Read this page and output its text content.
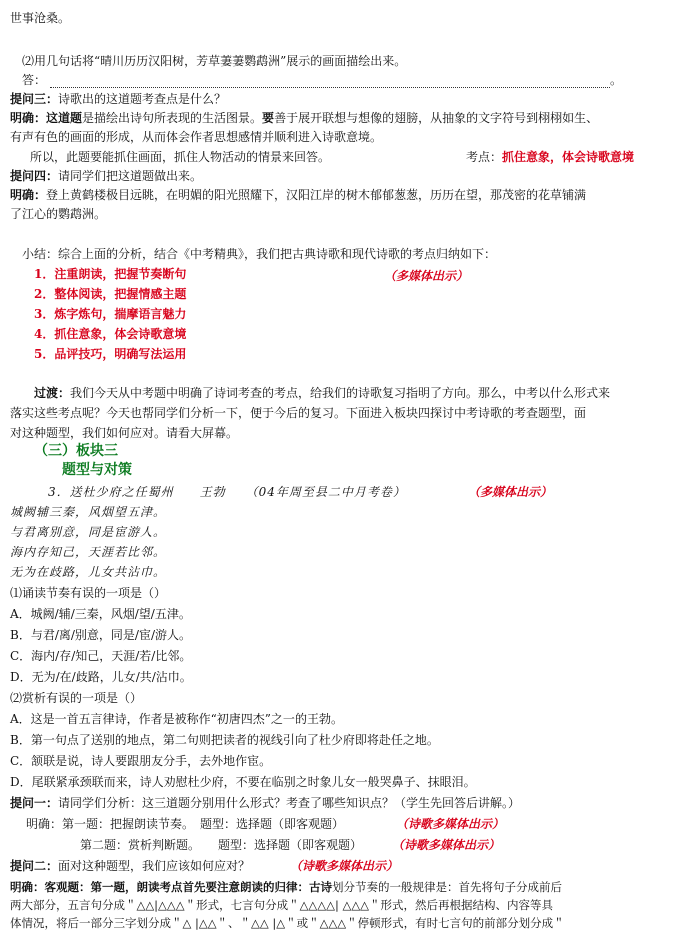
世事沧桑。
⑵用几句话将“晴川历历汉阳树，芳草萋萋鹦鹉洲”展示的画面描绘出来。
答：	。
提问三：诗歌出的这道题考查点是什么？
明确：这道题是描绘出诗句所表现的生活图景。要善于展开联想与想像的翅膀，从抽象的文字符号到栩栩如生、
有声有色的画面的形成，从而体会作者思想感情并顺利进入诗歌意境。
所以，此题要能抓住画面，抓住人物活动的情景来回答。	考点：抓住意象，体会诗歌意境
提问四：请同学们把这道题做出来。
明确：登上黄鹤楼极目远眺，在明媚的阳光照耀下，汉阳江岸的树木郁郁葱葱，历历在望，那茂密的花草铺满
了江心的鹦鹉洲。
小结：综合上面的分析，结合《中考精典》，我们把古典诗歌和现代诗歌的考点归纳如下：
（多媒体出示）
1．注重朗读，把握节奏断句
2．整体阅读，把握情感主题
3．炼字炼句，揣摩语言魅力
4．抓住意象，体会诗歌意境
5．品评技巧，明确写法运用
过渡：我们今天从中考题中明确了诗词考查的考点，给我们的诗歌复习指明了方向。那么，中考以什么形式来
落实这些考点呢？今天也帮同学们分析一下，便于今后的复习。下面进入板块四探讨中考诗歌的考查题型，面
对这种题型，我们如何应对。请看大屏幕。
（三）板块三
题型与对策
3．送杜少府之任蜀州　　王勃　　（04年周至县二中月考卷）	（多媒体出示）
城阙辅三秦，风烟望五津。
与君离别意，同是宦游人。
海内存知己，天涯若比邻。
无为在歧路，儿女共沾巾。
⑴诵读节奏有误的一项是（）
A．城阙/辅/三秦，风烟/望/五津。
B．与君/离/别意，同是/宦/游人。
C．海内/存/知己，天涯/若/比邻。
D．无为/在/歧路，儿女/共/沾巾。
⑵赏析有误的一项是（）
A．这是一首五言律诗，作者是被称作“初唐四杰”之一的王勃。
B．第一句点了送别的地点，第二句则把读者的视线引向了杜少府即将赴任之地。
C．颔联是说，诗人要跟朋友分手，去外地作宦。
D．尾联紧承颈联而来，诗人劝慰杜少府，不要在临别之时象儿女一般哭鼻子、抹眼泪。
提问一：请同学们分析：这三道题分别用什么形式？考查了哪些知识点？（学生先回答后讲解。）
明确：第一题：把握朗读节奏。　题型：选择题（即客观题）	（诗歌多媒体出示）
第二题：赏析判断题。　　题型：选择题（即客观题） （诗歌多媒体出示）
提问二：面对这种题型，我们应该如何应对？	（诗歌多媒体出示）
明确：客观题：第一题，朗读考点首先要注意朗读的归律：古诗划分节奏的一般规律是：首先将句子分成前后
两大部分，五言句分成＂△△|△△△＂形式，七言句分成＂△△△△| △△△＂形式，然后再根据结构、内容等具
体情况，将后一部分三字划分成＂△ |△△＂、＂△△ |△＂或＂△△△＂停顿形式，有时七言句的前部分划分成＂
